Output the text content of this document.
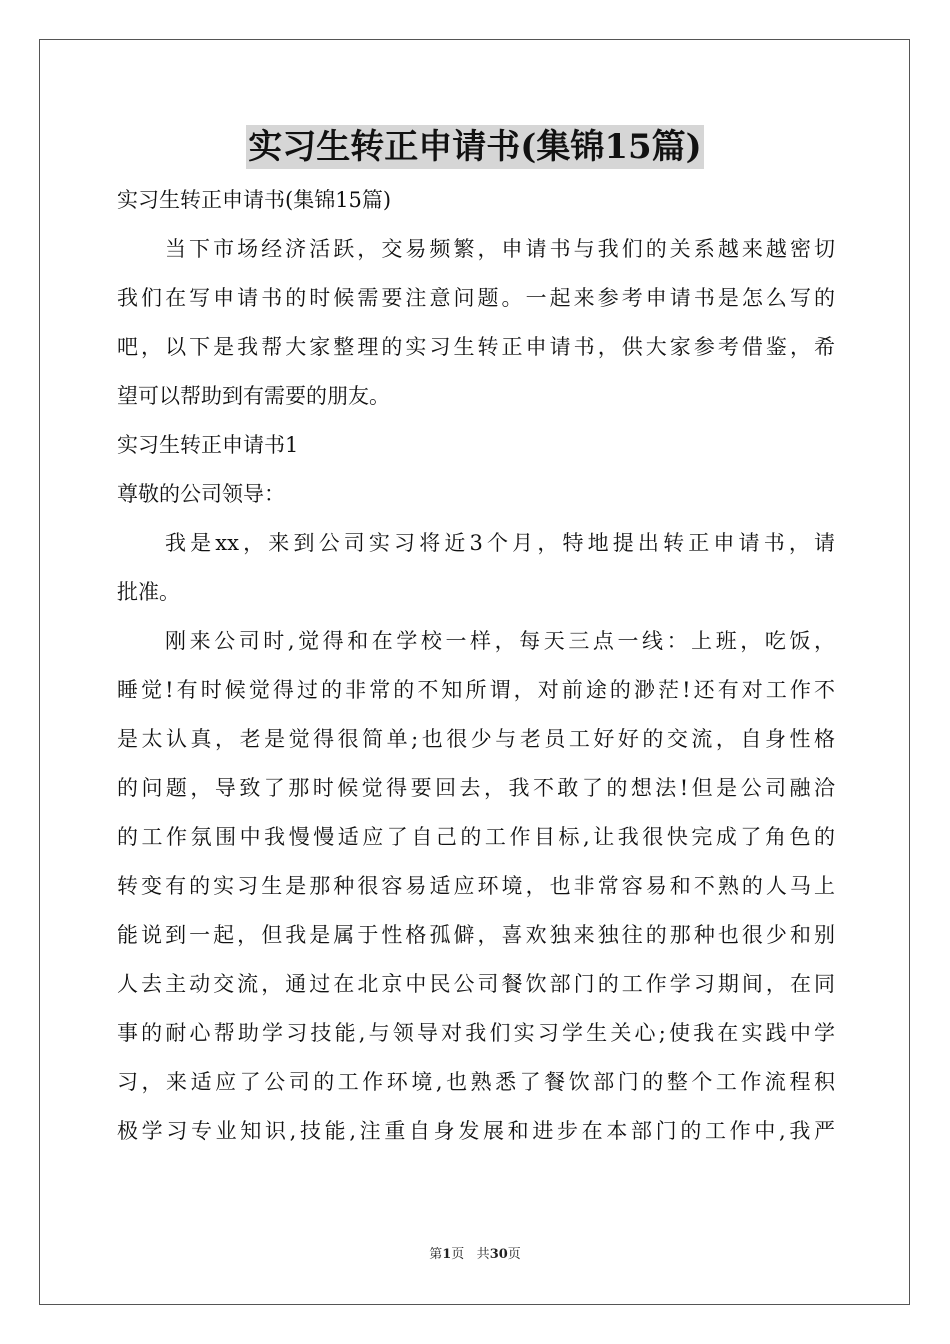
实习生转正申请书(集锦15篇)
实习生转正申请书(集锦15篇)
当下市场经济活跃，交易频繁，申请书与我们的关系越来越密切
我们在写申请书的时候需要注意问题。一起来参考申请书是怎么写的
吧，以下是我帮大家整理的实习生转正申请书，供大家参考借鉴，希
望可以帮助到有需要的朋友。
实习生转正申请书1
尊敬的公司领导：
我是xx，来到公司实习将近3个月，特地提出转正申请书，请
批准。
刚来公司时,觉得和在学校一样，每天三点一线：上班，吃饭，
睡觉!有时候觉得过的非常的不知所谓，对前途的渺茫!还有对工作不
是太认真，老是觉得很简单;也很少与老员工好好的交流，自身性格
的问题，导致了那时候觉得要回去，我不敢了的想法!但是公司融洽
的工作氛围中我慢慢适应了自己的工作目标,让我很快完成了角色的
转变有的实习生是那种很容易适应环境，也非常容易和不熟的人马上
能说到一起，但我是属于性格孤僻，喜欢独来独往的那种也很少和别
人去主动交流，通过在北京中民公司餐饮部门的工作学习期间，在同
事的耐心帮助学习技能,与领导对我们实习学生关心;使我在实践中学
习，来适应了公司的工作环境,也熟悉了餐饮部门的整个工作流程积
极学习专业知识,技能,注重自身发展和进步在本部门的工作中,我严
第1页 共30页
